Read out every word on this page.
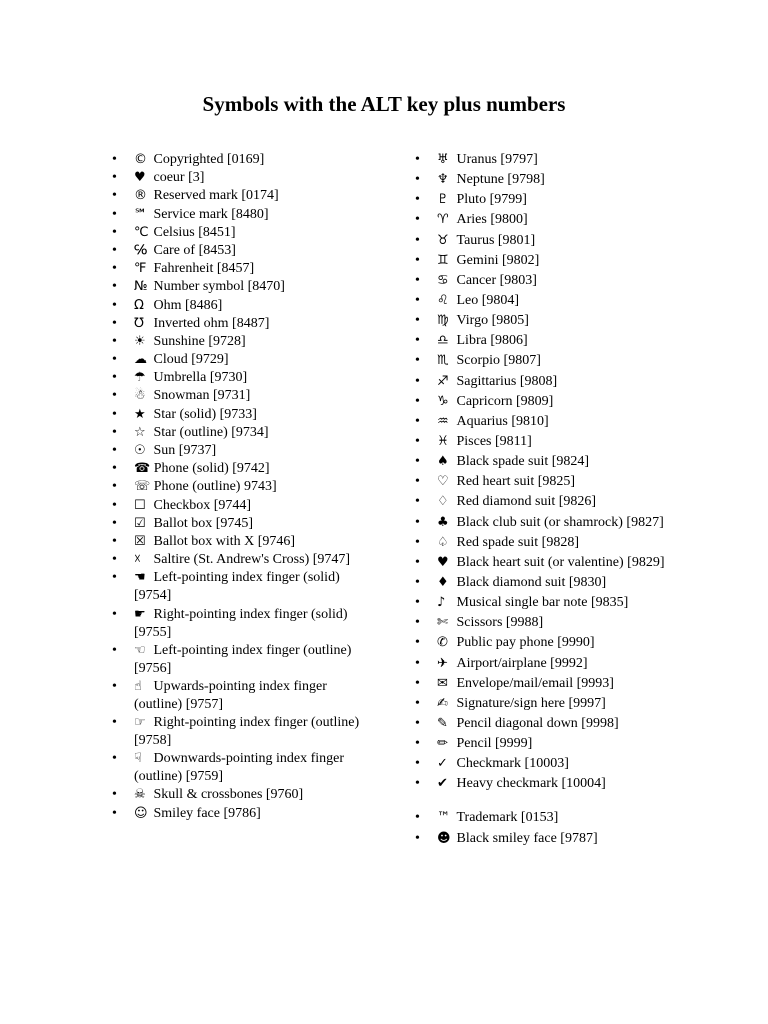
Symbols with the ALT key plus numbers
• © Copyrighted [0169]
• ♥ coeur [3]
• ® Reserved mark [0174]
• ℠ Service mark [8480]
• ℃ Celsius [8451]
• ℅ Care of [8453]
• ℉ Fahrenheit [8457]
• № Number symbol [8470]
• Ω Ohm [8486]
• ℧ Inverted ohm [8487]
• ☀ Sunshine [9728]
• ☁ Cloud [9729]
• ☂ Umbrella [9730]
• ☃ Snowman [9731]
• ★ Star (solid) [9733]
• ☆ Star (outline) [9734]
• ☉ Sun [9737]
• ☎ Phone (solid) [9742]
• ☏ Phone (outline) 9743]
• ☐ Checkbox [9744]
• ☑ Ballot box [9745]
• ☒ Ballot box with X [9746]
• ☓ Saltire (St. Andrew's Cross) [9747]
• ☚ Left-pointing index finger (solid) [9754]
• ☛ Right-pointing index finger (solid) [9755]
• ☜ Left-pointing index finger (outline) [9756]
• ☝ Upwards-pointing index finger (outline) [9757]
• ☞ Right-pointing index finger (outline) [9758]
• ☟ Downwards-pointing index finger (outline) [9759]
• ☠ Skull & crossbones [9760]
• ☺ Smiley face [9786]
• ♅ Uranus [9797]
• ♆ Neptune [9798]
• ♇ Pluto [9799]
• ♈ Aries [9800]
• ♉ Taurus [9801]
• ♊ Gemini [9802]
• ♋ Cancer [9803]
• ♌ Leo [9804]
• ♍ Virgo [9805]
• ♎ Libra [9806]
• ♏ Scorpio [9807]
• ♐ Sagittarius [9808]
• ♑ Capricorn [9809]
• ♒ Aquarius [9810]
• ♓ Pisces [9811]
• ♠ Black spade suit [9824]
• ♡ Red heart suit [9825]
• ♢ Red diamond suit [9826]
• ♣ Black club suit (or shamrock) [9827]
• ♤ Red spade suit [9828]
• ♥ Black heart suit (or valentine) [9829]
• ♦ Black diamond suit [9830]
• ♪ Musical single bar note [9835]
• ✄ Scissors [9988]
• ✆ Public pay phone [9990]
• ✈ Airport/airplane [9992]
• ✉ Envelope/mail/email [9993]
• ✍ Signature/sign here [9997]
• ✎ Pencil diagonal down [9998]
• ✏ Pencil [9999]
• ✓ Checkmark [10003]
• ✔ Heavy checkmark [10004]
• ™ Trademark [0153]
• ☻ Black smiley face [9787]
